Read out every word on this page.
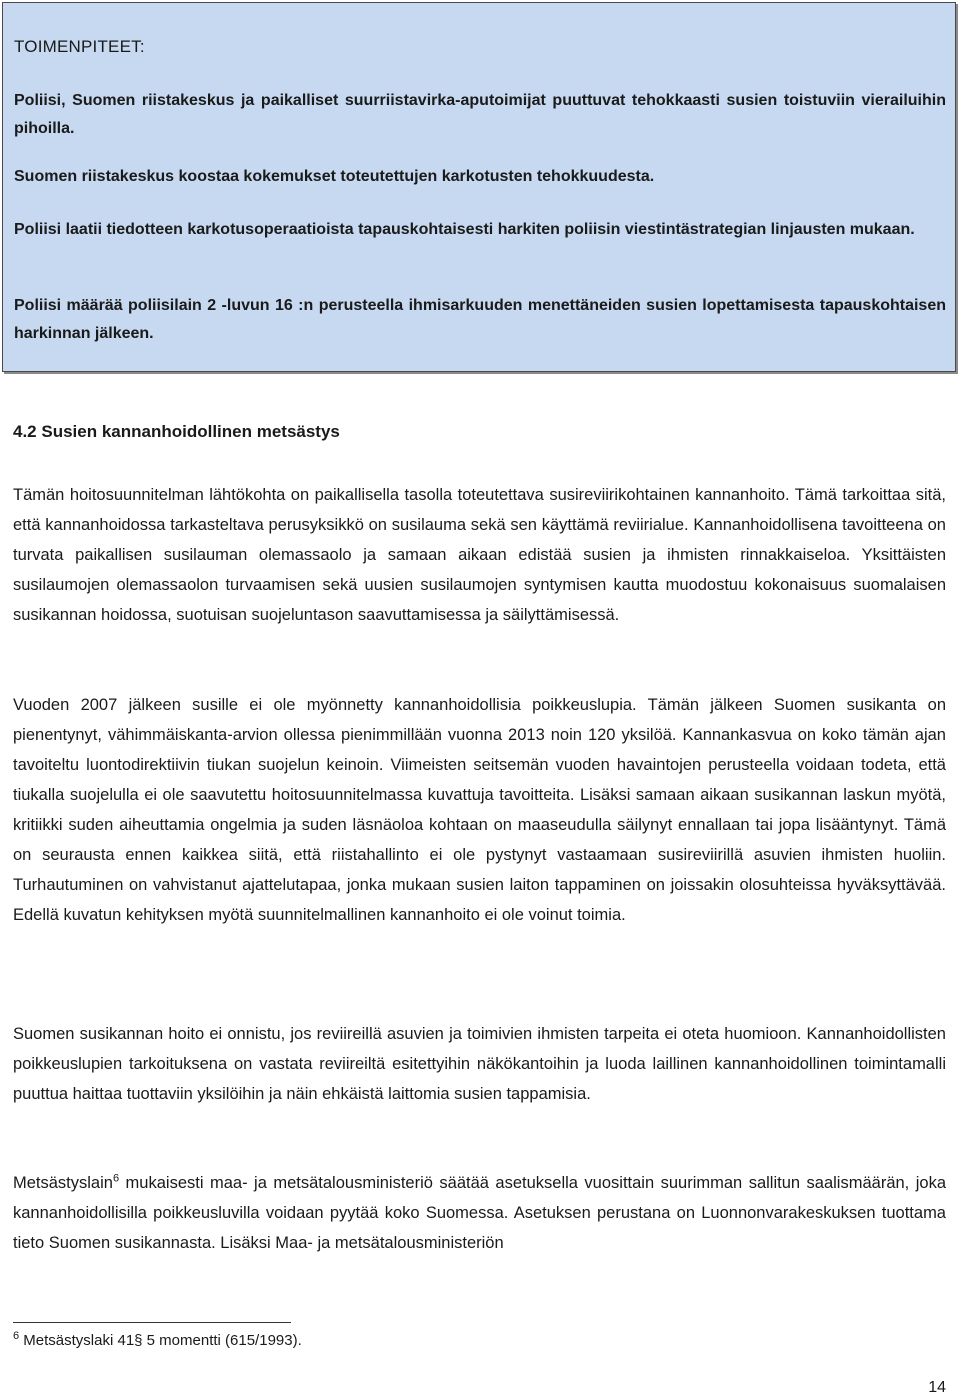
TOIMENPITEET:

Poliisi, Suomen riistakeskus ja paikalliset suurriistavirka-aputoimijat puuttuvat tehokkaasti susien toistuviin vierailuihin pihoilla.

Suomen riistakeskus koostaa kokemukset toteutettujen karkotusten tehokkuudesta.

Poliisi laatii tiedotteen karkotusoperaatioista tapauskohtaisesti harkiten poliisin viestintästrategian linjausten mukaan.

Poliisi määrää poliisilain 2 -luvun 16 :n perusteella ihmisarkuuden menettäneiden susien lopettamisesta tapauskohtaisen harkinnan jälkeen.

4.2 Susien kannanhoidollinen metsästys

Tämän hoitosuunnitelman lähtökohta on paikallisella tasolla toteutettava susireviirikohtainen kannanhoito. Tämä tarkoittaa sitä, että kannanhoidossa tarkasteltava perusyksikkö on susilauma sekä sen käyttämä reviirialue. Kannanhoidollisena tavoitteena on turvata paikallisen susilauman olemassaolo ja samaan aikaan edistää susien ja ihmisten rinnakkaiseloa. Yksittäisten susilaumojen olemassaolon turvaamisen sekä uusien susilaumojen syntymisen kautta muodostuu kokonaisuus suomalaisen susikannan hoidossa, suotuisan suojeluntason saavuttamisessa ja säilyttämisessä.

Vuoden 2007 jälkeen susille ei ole myönnetty kannanhoidollisia poikkeuslupia. Tämän jälkeen Suomen susikanta on pienentynyt, vähimmäiskanta-arvion ollessa pienimmillään vuonna 2013 noin 120 yksilöä. Kannankasvua on koko tämän ajan tavoiteltu luontodirektiivin tiukan suojelun keinoin. Viimeisten seitsemän vuoden havaintojen perusteella voidaan todeta, että tiukalla suojelulla ei ole saavutettu hoitosuunnitelmassa kuvattuja tavoitteita. Lisäksi samaan aikaan susikannan laskun myötä, kritiikki suden aiheuttamia ongelmia ja suden läsnäoloa kohtaan on maaseudulla säilynyt ennallaan tai jopa lisääntynyt. Tämä on seurausta ennen kaikkea siitä, että riistahallinto ei ole pystynyt vastaamaan susireviirillä asuvien ihmisten huoliin. Turhautuminen on vahvistanut ajattelutapaa, jonka mukaan susien laiton tappaminen on joissakin olosuhteissa hyväksyttävää. Edellä kuvatun kehityksen myötä suunnitelmallinen kannanhoito ei ole voinut toimia.

Suomen susikannan hoito ei onnistu, jos reviireillä asuvien ja toimivien ihmisten tarpeita ei oteta huomioon. Kannanhoidollisten poikkeuslupien tarkoituksena on vastata reviireiltä esitettyihin näkökantoihin ja luoda laillinen kannanhoidollinen toimintamalli puuttua haittaa tuottaviin yksilöihin ja näin ehkäistä laittomia susien tappamisia.

Metsästyslain$^6$ mukaisesti maa- ja metsätalousministeriö säätää asetuksella vuosittain suurimman sallitun saalismäärän, joka kannanhoidollisilla poikkeusluvilla voidaan pyytää koko Suomessa. Asetuksen perustana on Luonnonvarakeskuksen tuottama tieto Suomen susikannasta. Lisäksi Maa- ja metsätalousministeriön

$^6$ Metsästyslaki 41§ 5 momentti (615/1993).

14
